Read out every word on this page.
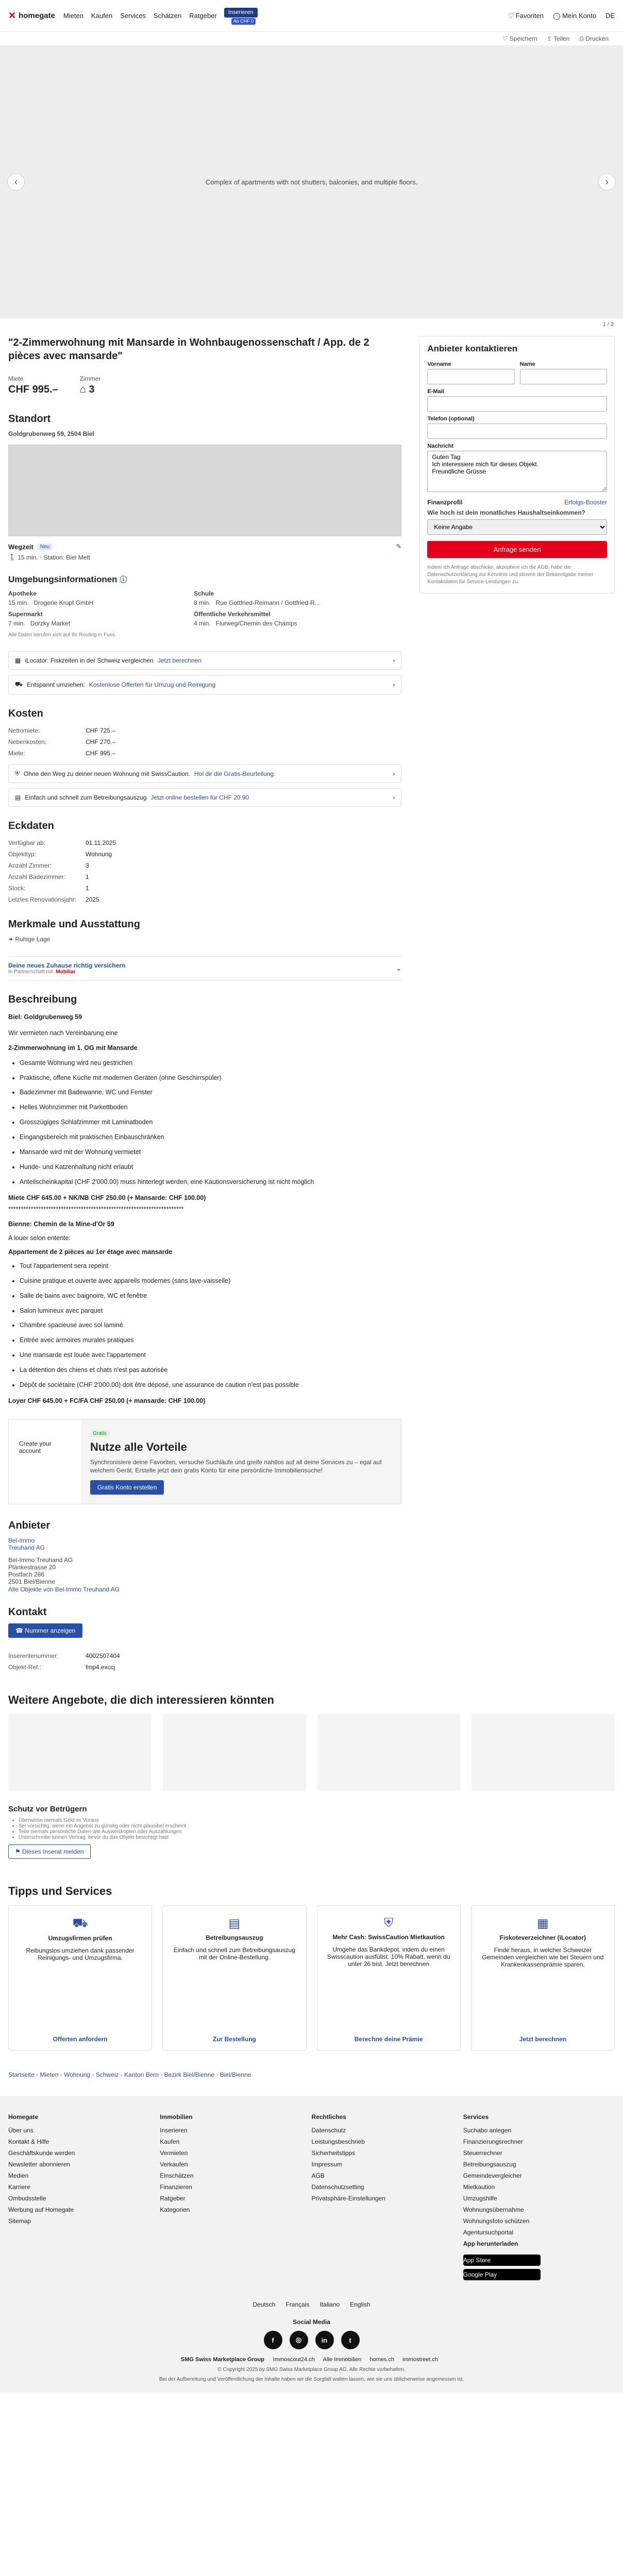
✕ homegate Mieten Kaufen Services Schätzen Ratgeber	Inserieren
Ab CHF 0
♡ Favoriten ◯ Mein Konto DE
♡ Speichern ⇪ Teilen ⎙ Drucken
Complex of apartments with not shutters, balconies, and multiple floors.
‹	›
1 / 2
"2-Zimmerwohnung mit Mansarde in Wohnbaugenossenschaft / App. de 2 pièces avec mansarde"
Miete
CHF 995.–
Zimmer
⌂ 3
Standort
Goldgrubenweg 59, 2504 Biel
Wegzeit	Neu	✎
🚶 15 min. · Station: Biel Mett
Umgebungsinformationen ⓘ
Apotheke
15 min. Drogerie Krupf GmbH
Supermarkt
7 min. Dorzky Market
Schule
8 min. Rue Gottfried-Reimann / Gottfried-R...
Öffentliche Verkehrsmittel
4 min. Flurweg/Chemin des Champs
Alle Daten berufen sich auf Ihr Routing in Fuss.
▦ iLocator: Fiskzeiten in der Schweiz vergleichen Jetzt berechnen	›
⛟ Entspannt umziehen: Kostenlose Offerten für Umzug und Reinigung	›
Kosten
Nettomiete:	CHF 725.–
Nebenkosten:	CHF 270.–
Miete:	CHF 995.–
⛨ Ohne den Weg zu deiner neuen Wohnung mit SwissCaution. Hol dir die Gratis-Beurteilung.	›
▤ Einfach und schnell zum Betreibungsauszug Jetzt online bestellen für CHF 20.90	›
Eckdaten
Verfügbar ab:	01.11.2025
Objekttyp:	Wohnung
Anzahl Zimmer:	3
Anzahl Badezimmer:	1
Stock:	1
Letztes Renovationsjahr:	2025
Merkmale und Ausstattung
❧ Ruhige Lage
Deine neues Zuhause richtig versichern
In Partnerschaft mit: Mobiliar	⌄
Beschreibung

Biel: Goldgrubenweg 59

Wir vermieten nach Vereinbarung eine

2-Zimmerwohnung im 1. OG mit Mansarde

• Gesamte Wohnung wird neu gestrichen
• Praktische, offene Küche mit modernen Geräten (ohne Geschirrspüler)
• Badezimmer mit Badewanne, WC und Fenster
• Helles Wohnzimmer mit Parkettboden
• Grosszügiges Schlafzimmer mit Laminatboden
• Eingangsbereich mit praktischen Einbauschränken
• Mansarde wird mit der Wohnung vermietet
• Hunde- und Katzenhaltung nicht erlaubt
• Anteilscheinkapital (CHF 2'000.00) muss hinterlegt werden, eine Kautionsversicherung ist nicht möglich

Miete CHF 645.00 + NK/NB CHF 250.00 (+ Mansarde: CHF 100.00)

**********************************************************************

Bienne: Chemin de la Mine-d'Or 59

A louer selon entente:

Appartement de 2 pièces au 1er étage avec mansarde

• Tout l'appartement sera repeint
• Cuisine pratique et ouverte avec appareils modernes (sans lave-vaisselle)
• Salle de bains avec baignoire, WC et fenêtre
• Salon lumineux avec parquet
• Chambre spacieuse avec sol laminé
• Entrée avec armoires murales pratiques
• Une mansarde est louée avec l'appartement
• La détention des chiens et chats n'est pas autorisée
• Dépôt de sociétaire (CHF 2'000.00) doit être déposé, une assurance de caution n'est pas possible

Loyer CHF 645.00 + FC/FA CHF 250.00 (+ mansarde: CHF 100.00)

Create your account
Gratis
Nutze alle Vorteile
Synchronisiere deine Favoriten, versuche Suchläufe und greife nahtlos auf all deine Services zu – egal auf welchem Gerät. Erstelle jetzt dein gratis Konto für eine persönliche Immobiliensuche!
Gratis Konto erstellen
Anbieter
Bel-Immo
Treuhand AG
Bel-Immo Treuhand AG
Plänkestrasse 20
Postfach 286
2501 Biel/Bienne
Alle Objekte von Bel-Immo Treuhand AG
Kontakt
☎ Nummer anzeigen
Inserentenummer:	4002507404
Objekt-Ref.:	fmp4.exccj
Anbieter kontaktieren
Vorname	Name
E-Mail
Telefon (optional)
Nachricht
Guten Tag Ich interessiere mich für dieses Objekt. Freundliche Grüsse
Finanzprofil	Erfolgs-Booster
Wie hoch ist dein monatliches Haushaltseinkommen?
Keine Angabe
Anfrage senden
Indem ich Anfrage abschicke, akzeptiere ich die AGB, habe die Datenschutzerklärung zur Kenntnis und stimme der Bekanntgabe meiner Kontaktdaten für Service-Leistungen zu.
Weitere Angebote, die dich interessieren könnten
Schutz vor Betrügern
• Überweise niemals Geld im Voraus
• Sei vorsichtig, wenn ein Angebot zu günstig oder nicht plausibel erscheint
• Teile niemals persönliche Daten wie Ausweiskopien oder Auszahlungen
• Unterschreibe keinen Vertrag, bevor du das Objekt besichtigt hast
⚑ Dieses Inserat melden
Tipps und Services
⛟
Umzugsfirmen prüfen
Reibungslos umziehen dank passender Reinigungs- und Umzugsfirma.
Offerten anfordern
▤
Betreibungsauszug
Einfach und schnell zum Betreibungsauszug mit der Online-Bestellung.
Zur Bestellung
⛨
Mehr Cash: SwissCaution Mietkaution
Umgehe das Bankdepot, indem du einen Swisscaution ausfüllst. 10% Rabatt, wenn du unter 26 bist. Jetzt berechnen
Berechne deine Prämie
▦
Fiskoteverzeichner (iLocator)
Finde heraus, in welcher Schweizer Gemeinden vergleichen wie bei Steuern und Krankenkassenprämie sparen.
Jetzt berechnen
Startseite › Mieten › Wohnung › Schweiz › Kanton Bern › Bezirk Biel/Bienne › Biel/Bienne
Homegate
Über uns
Kontakt & Hilfe
Geschäftskunde werden
Newsletter abonnieren
Medien
Karriere
Ombudsstelle
Werbung auf Homegate
Sitemap
Immobilien
Inserieren
Kaufen
Vermieten
Verkaufen
Einschätzen
Finanzieren
Ratgeber
Kategorien
Rechtliches
Datenschutz
Leistungsbeschrieb
Sicherheitstipps
Impressum
AGB
Datenschutzsetting
Privatsphäre-Einstellungen
Services
Suchabo anlegen
Finanzierungsrechner
Steuerrechner
Betreibungsauszug
Gemeindevergleicher
Mietkaution
Umzugshilfe
Wohnungsübernahme
Wohnungsfoto schützen
Agentursuchportal
App herunterladen
App Store
Google Play
Deutsch Français Italiano English
Social Media
f	◎	in	t
SMG Swiss Marketplace Group Immoscout24.ch Alle Immobilien homes.ch immostreet.ch
© Copyright 2025 by SMG Swiss Marketplace Group AG. Alle Rechte vorbehalten.
Bei der Aufbereitung und Veröffentlichung der Inhalte haben wir die Sorgfalt walten lassen, wie sie uns üblicherweise angemessen ist.
